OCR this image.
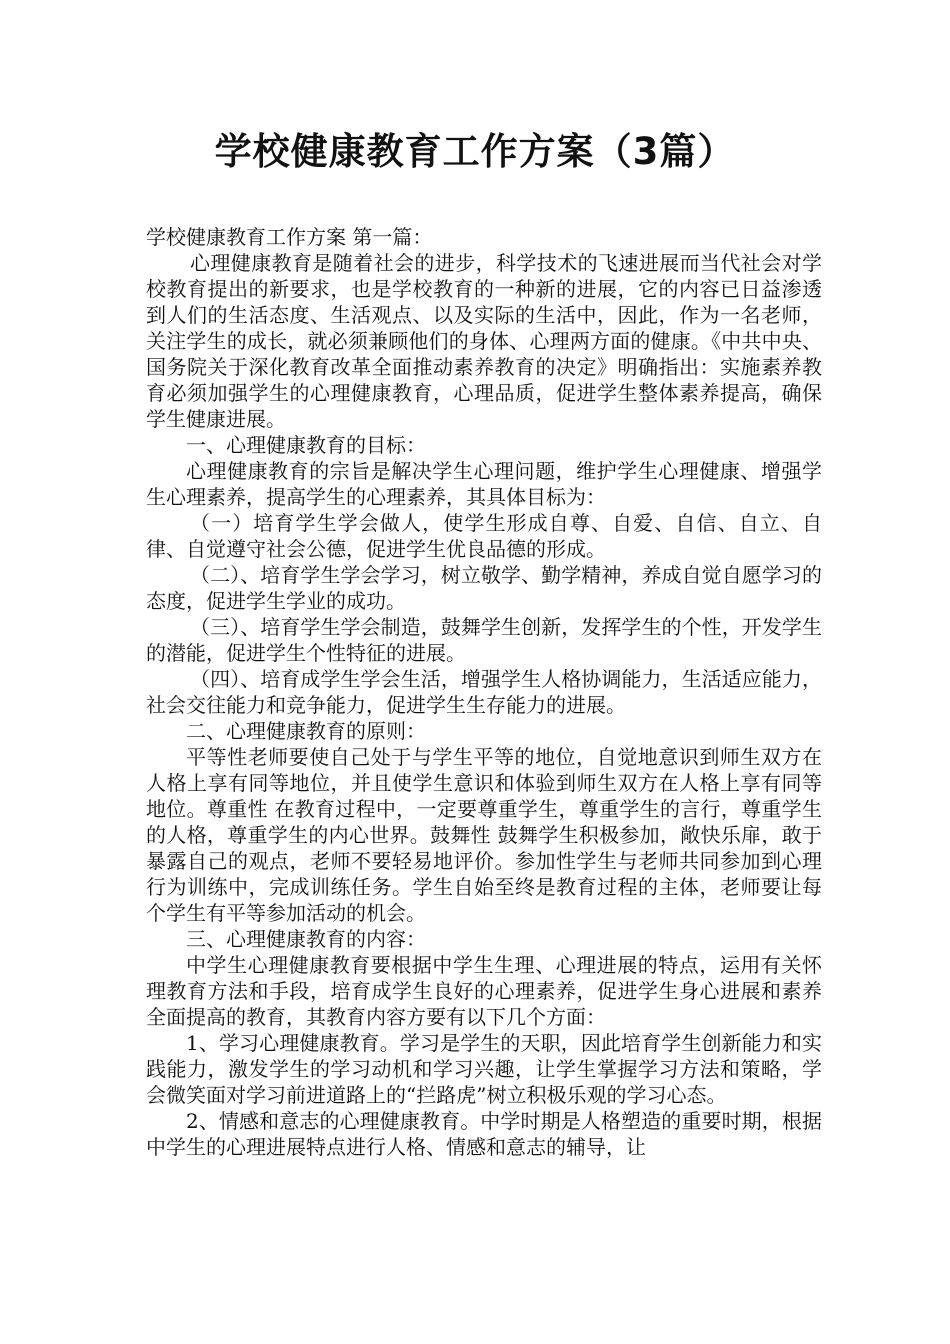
学校健康教育工作方案（3篇）

学校健康教育工作方案 第一篇：

心理健康教育是随着社会的进步，科学技术的飞速进展而当代社会对学校教育提出的新要求，也是学校教育的一种新的进展，它的内容已日益渗透到人们的生活态度、生活观点、以及实际的生活中，因此，作为一名老师，关注学生的成长，就必须兼顾他们的身体、心理两方面的健康。《中共中央、国务院关于深化教育改革全面推动素养教育的决定》明确指出：实施素养教育必须加强学生的心理健康教育，心理品质，促进学生整体素养提高，确保学生健康进展。

一、心理健康教育的目标：

心理健康教育的宗旨是解决学生心理问题，维护学生心理健康、增强学生心理素养，提高学生的心理素养，其具体目标为：

（一）培育学生学会做人，使学生形成自尊、自爱、自信、自立、自律、自觉遵守社会公德，促进学生优良品德的形成。

（二）、培育学生学会学习，树立敬学、勤学精神，养成自觉自愿学习的态度，促进学生学业的成功。

（三）、培育学生学会制造，鼓舞学生创新，发挥学生的个性，开发学生的潜能，促进学生个性特征的进展。

（四）、培育成学生学会生活，增强学生人格协调能力，生活适应能力，社会交往能力和竞争能力，促进学生生存能力的进展。

二、心理健康教育的原则：

平等性老师要使自己处于与学生平等的地位，自觉地意识到师生双方在人格上享有同等地位，并且使学生意识和体验到师生双方在人格上享有同等地位。尊重性 在教育过程中，一定要尊重学生，尊重学生的言行，尊重学生的人格，尊重学生的内心世界。鼓舞性 鼓舞学生积极参加，敞快乐扉，敢于暴露自己的观点，老师不要轻易地评价。参加性学生与老师共同参加到心理行为训练中，完成训练任务。学生自始至终是教育过程的主体，老师要让每个学生有平等参加活动的机会。

三、心理健康教育的内容：

中学生心理健康教育要根据中学生生理、心理进展的特点，运用有关怀理教育方法和手段，培育成学生良好的心理素养，促进学生身心进展和素养全面提高的教育，其教育内容方要有以下几个方面：

1、学习心理健康教育。学习是学生的天职，因此培育学生创新能力和实践能力，激发学生的学习动机和学习兴趣，让学生掌握学习方法和策略，学会微笑面对学习前进道路上的“拦路虎”树立积极乐观的学习心态。

2、情感和意志的心理健康教育。中学时期是人格塑造的重要时期，根据中学生的心理进展特点进行人格、情感和意志的辅导，让
